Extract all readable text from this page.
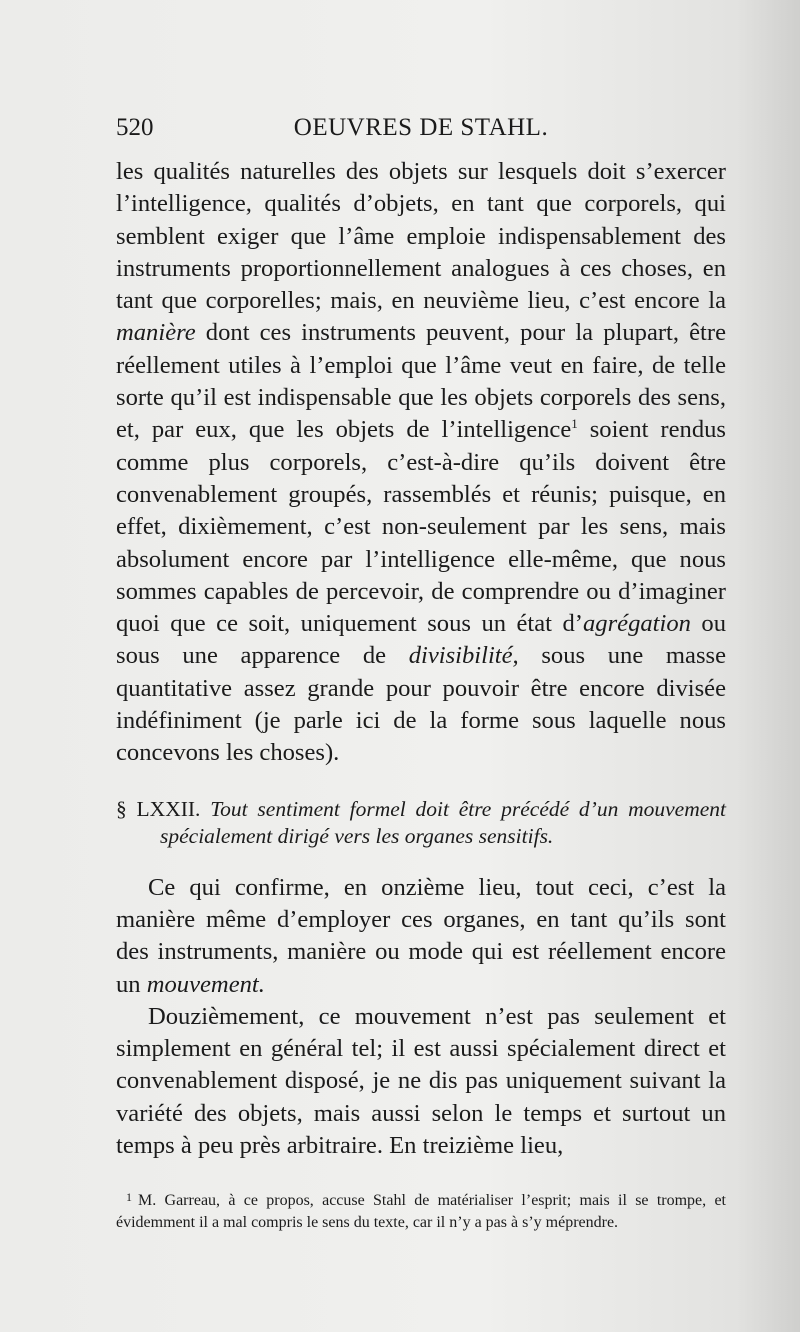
520	OEUVRES DE STAHL.

les qualités naturelles des objets sur lesquels doit s’exercer l’intelligence, qualités d’objets, en tant que corporels, qui semblent exiger que l’âme emploie indispensablement des instruments proportionnellement analogues à ces choses, en tant que corporelles; mais, en neuvième lieu, c’est encore la manière dont ces instruments peuvent, pour la plupart, être réellement utiles à l’emploi que l’âme veut en faire, de telle sorte qu’il est indispensable que les objets corporels des sens, et, par eux, que les objets de l’intelligence$^1$ soient rendus comme plus corporels, c’est-à-dire qu’ils doivent être convenablement groupés, rassemblés et réunis; puisque, en effet, dixièmement, c’est non-seulement par les sens, mais absolument encore par l’intelligence elle-même, que nous sommes capables de percevoir, de comprendre ou d’imaginer quoi que ce soit, uniquement sous un état d’agrégation ou sous une apparence de divisibilité, sous une masse quantitative assez grande pour pouvoir être encore divisée indéfiniment (je parle ici de la forme sous laquelle nous concevons les choses).

§ LXXII. Tout sentiment formel doit être précédé d’un mouvement spécialement dirigé vers les organes sensitifs.

Ce qui confirme, en onzième lieu, tout ceci, c’est la manière même d’employer ces organes, en tant qu’ils sont des instruments, manière ou mode qui est réellement encore un mouvement.

Douzièmement, ce mouvement n’est pas seulement et simplement en général tel; il est aussi spécialement direct et convenablement disposé, je ne dis pas uniquement suivant la variété des objets, mais aussi selon le temps et surtout un temps à peu près arbitraire. En treizième lieu,

$^1$ M. Garreau, à ce propos, accuse Stahl de matérialiser l’esprit; mais il se trompe, et évidemment il a mal compris le sens du texte, car il n’y a pas à s’y méprendre.
